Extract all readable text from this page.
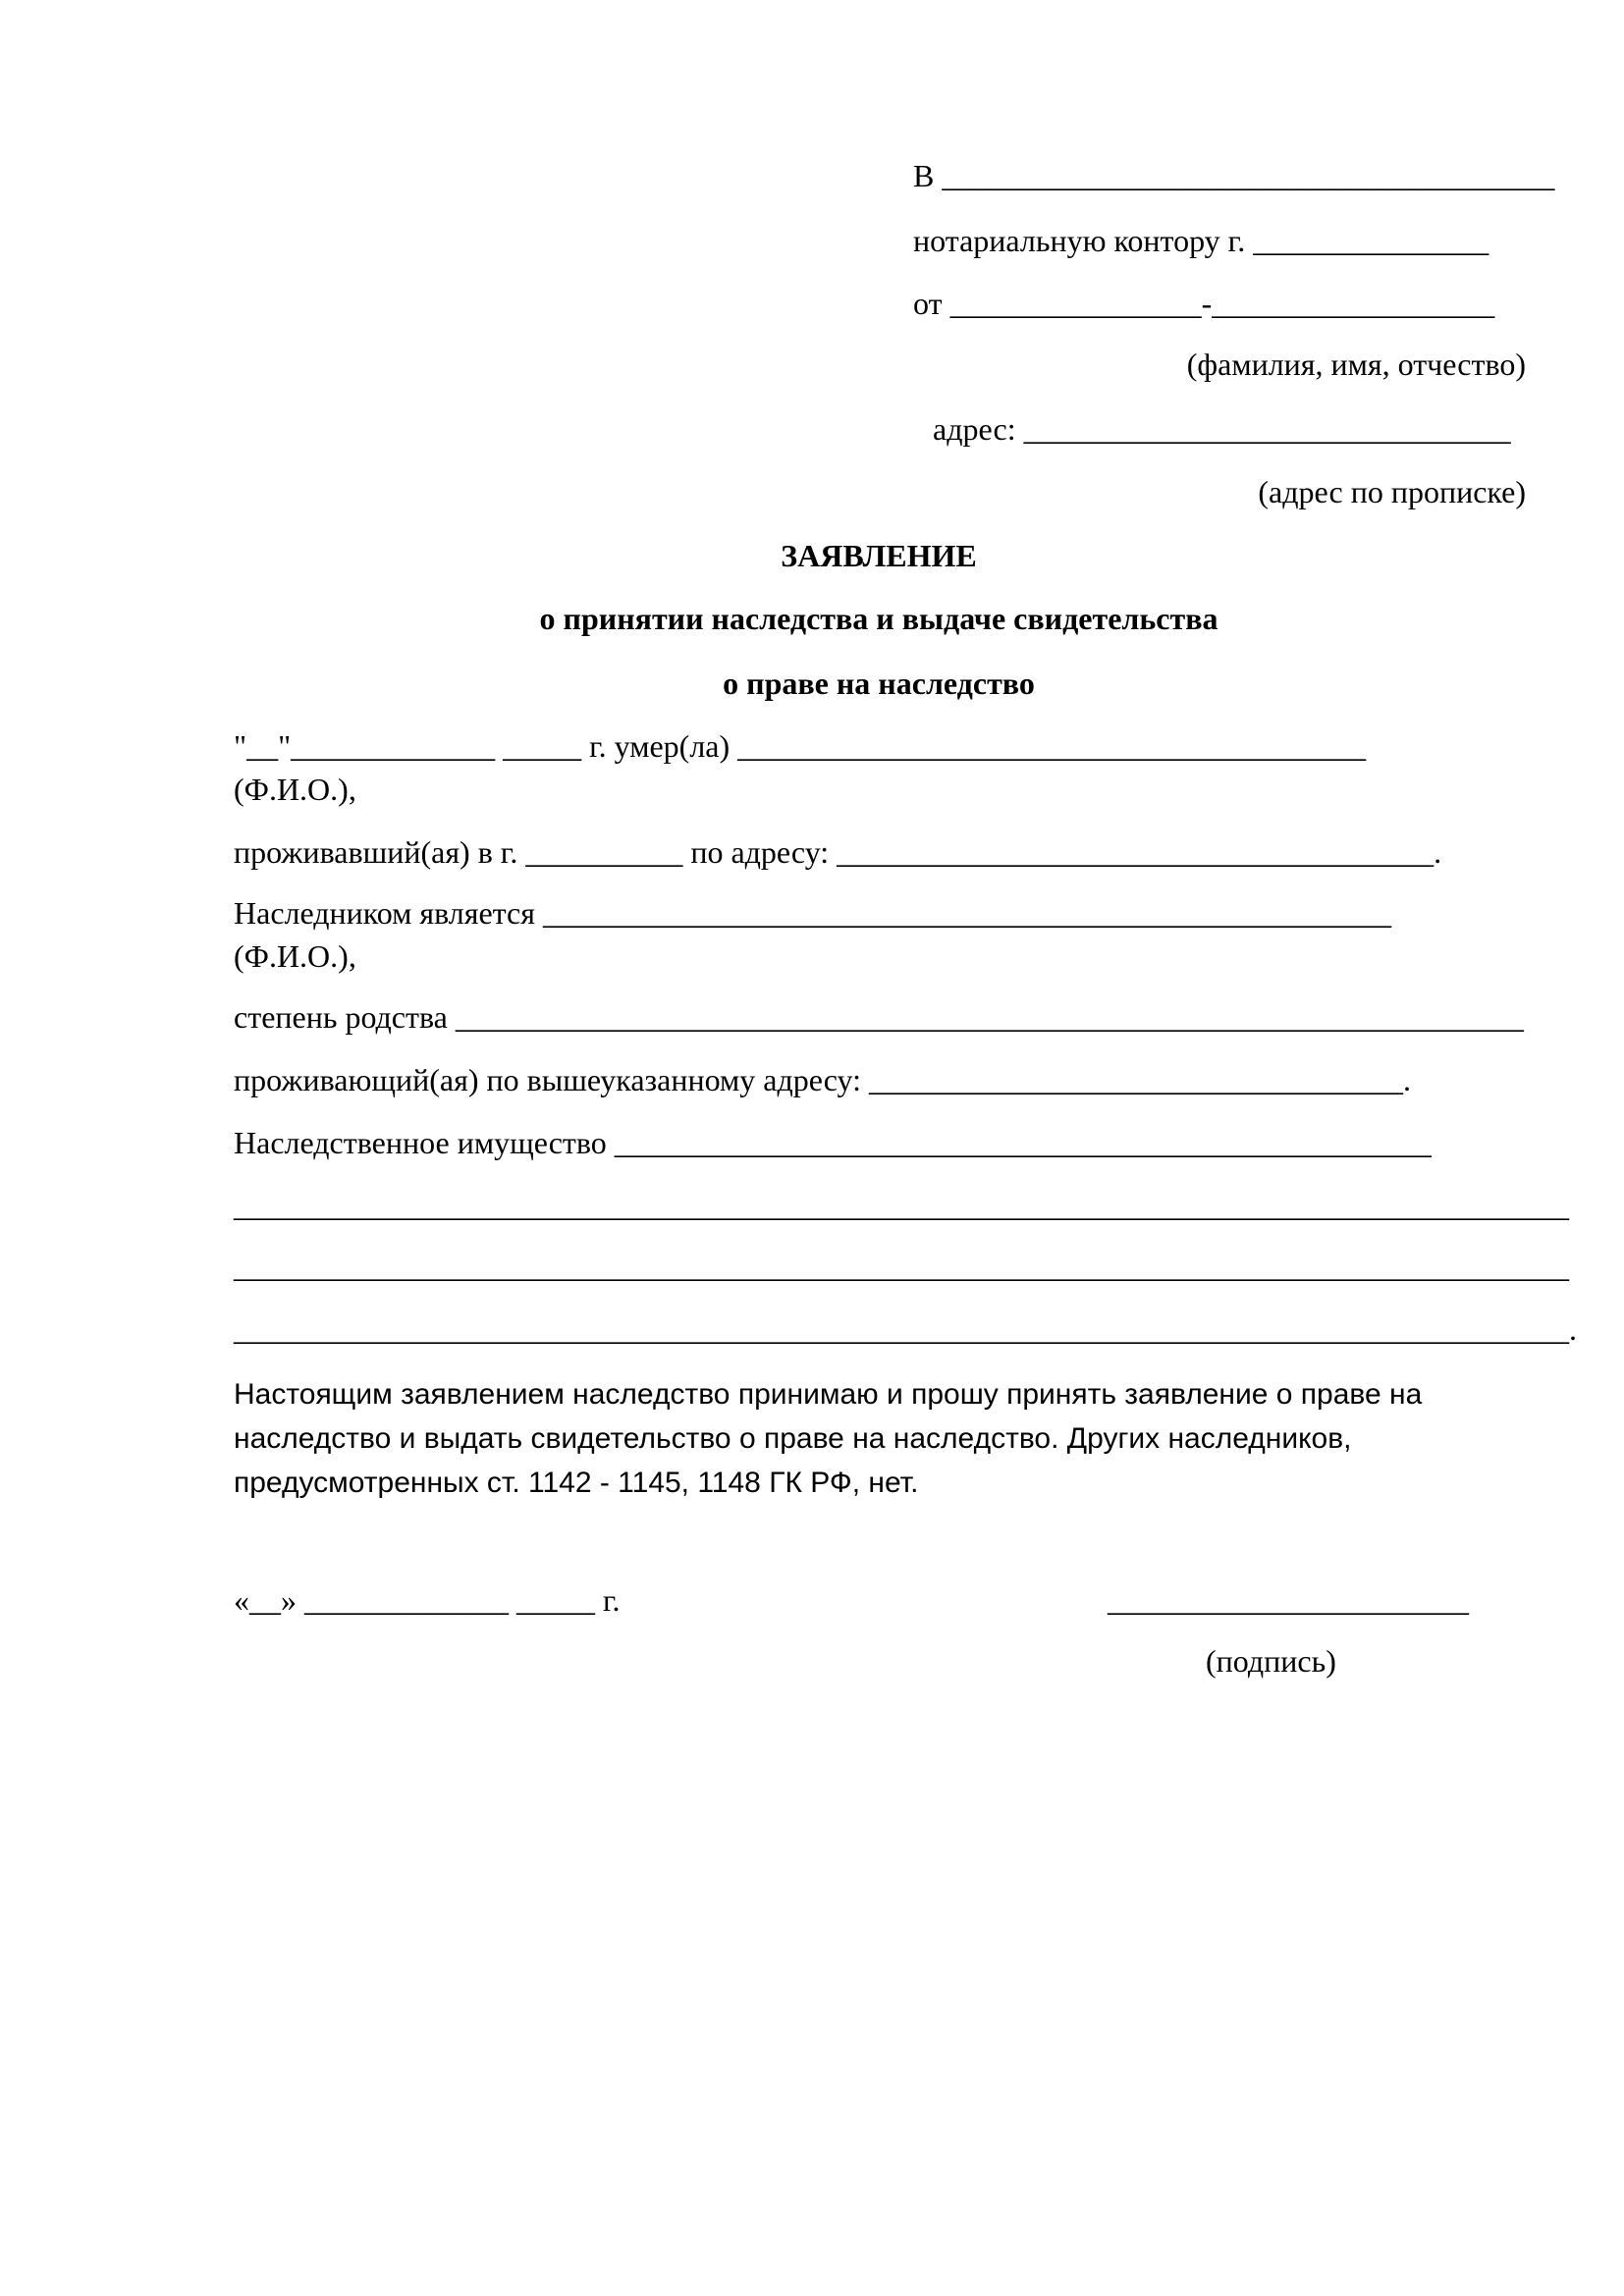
В _______________________________________
нотариальную контору г. _______________
от ________________-__________________
(фамилия, имя, отчество)
адрес: _______________________________
(адрес по прописке)
ЗАЯВЛЕНИЕ
о принятии наследства и выдаче свидетельства
о праве на наследство
"__"_____________ _____ г. умер(ла) ________________________________________
(Ф.И.О.),
проживавший(ая) в г. __________ по адресу: ______________________________________.
Наследником является ______________________________________________________
(Ф.И.О.),
степень родства ____________________________________________________________________
проживающий(ая) по вышеуказанному адресу: __________________________________.
Наследственное имущество ____________________________________________________
_____________________________________________________________________________________
_____________________________________________________________________________________
_____________________________________________________________________________________.
Настоящим заявлением наследство принимаю и прошу принять заявление о праве на наследство и выдать свидетельство о праве на наследство. Других наследников, предусмотренных ст. 1142 - 1145, 1148 ГК РФ, нет.
«__» _____________ _____ г.	_______________________
(подпись)
